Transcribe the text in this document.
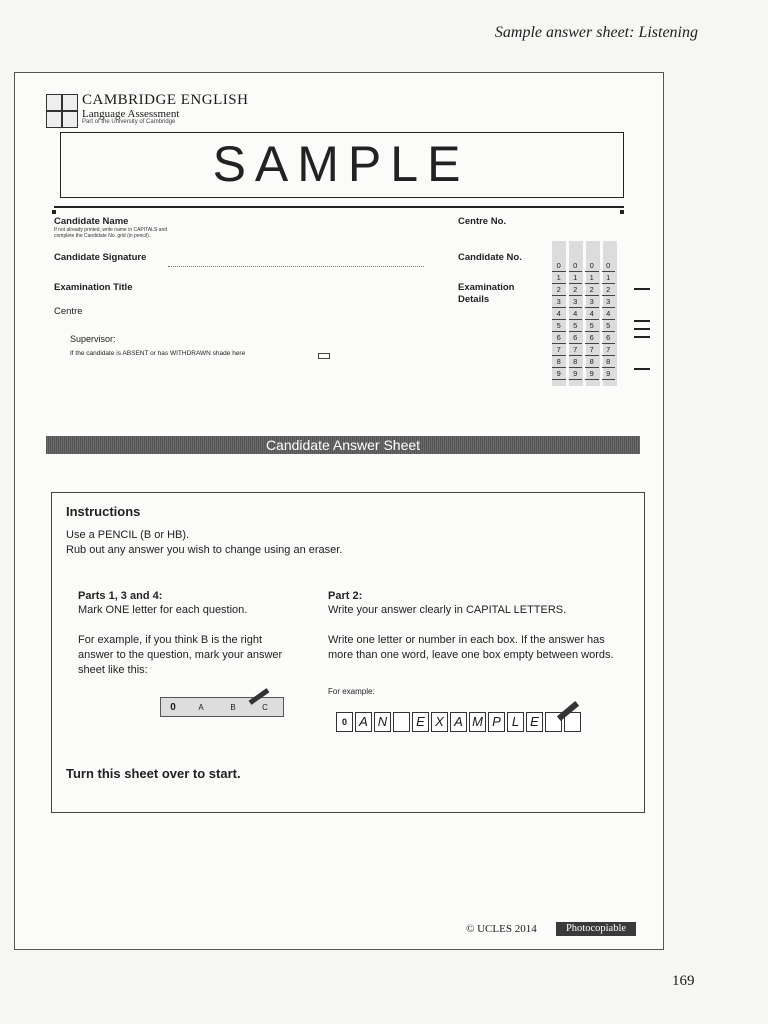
Sample answer sheet: Listening
CAMBRIDGE ENGLISH
Language Assessment
Part of the University of Cambridge
SAMPLE
Candidate Name
If not already printed, write name in CAPITALS and complete the Candidate No. grid (in pencil).
Candidate Signature
Examination Title
Centre
Supervisor:
If the candidate is ABSENT or has WITHDRAWN shade here
Centre No.
Candidate No.
Examination Details
0	0	0	0
1	1	1	1
2	2	2	2
3	3	3	3
4	4	4	4
5	5	5	5
6	6	6	6
7	7	7	7
8	8	8	8
9	9	9	9
Candidate Answer Sheet
Instructions
Use a PENCIL (B or HB).
Rub out any answer you wish to change using an eraser.
Parts 1, 3 and 4:
Mark ONE letter for each question.
For example, if you think B is the right answer to the question, mark your answer sheet like this:
0	A	B	C
Part 2:
Write your answer clearly in CAPITAL LETTERS.
Write one letter or number in each box. If the answer has more than one word, leave one box empty between words.
For example:
0 A N	E X A M P L E
Turn this sheet over to start.
© UCLES 2014	Photocopiable
169
